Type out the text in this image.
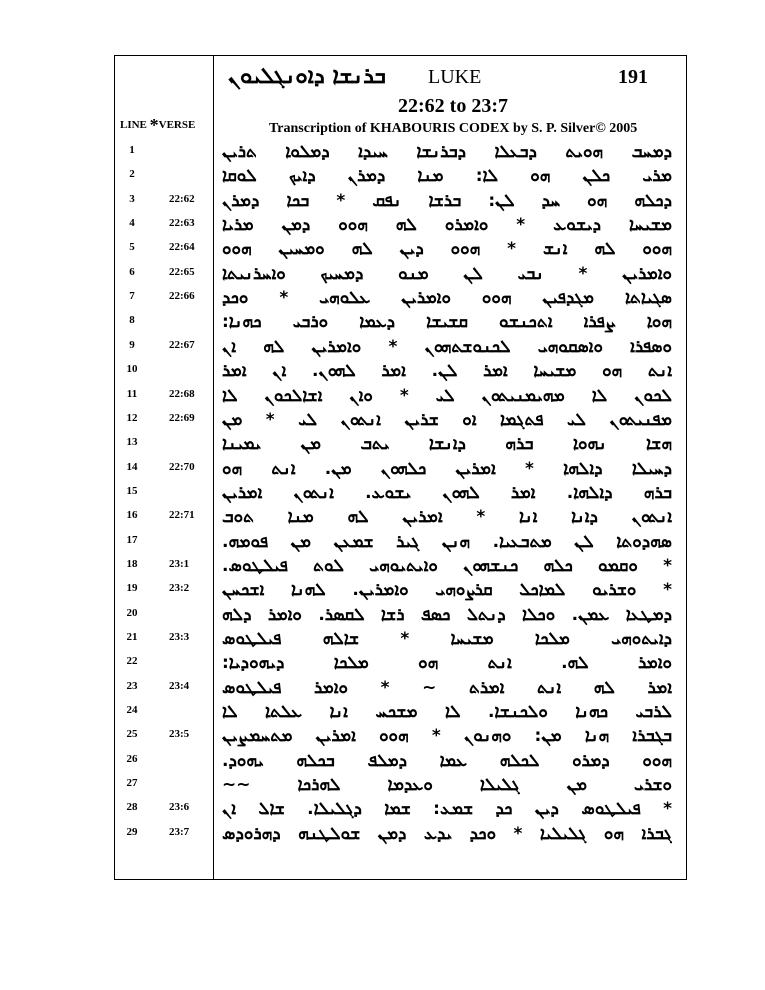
ܒܪܢܫܐ ܕܐܘܢܓܠܝܘܢ LUKE	191
22:62 to 23:7
Transcription of KHABOURIS CODEX by S. P. Silver© 2005
LINE *VERSE
1	ܕܡܚܒ ܗܘܝܬ ܕܒܥܠܐ ܕܒܪܢܫܐ ܚܝܕܐ ܕܡܠܘܐ ܬܪܝܢ
2	ܡܪܝ ܟܠܢ ܗܘ ܠܐ: ܡܢܐ ܕܡܪܢ ܕܐܝܟ ܠܘܩܐ
3	22:62 ܕܟܠܗ ܗܘ ܚܕ ܠܢ: ܒܪܫܐ ܢܦܩ * ܒܟܐ ܕܡܪܢ
4	22:63 ܡܫܝܚܐ ܕܝܫܘܥ * ܘܐܡܪܘ ܠܗ ܗܘܘ ܕܡܢ ܡܪܝܐ
5	22:64 ܗܘܘ ܠܗ ܐܢܫ * ܗܘܘ ܕܝܢ ܠܗ ܘܡܚܝܢ ܗܘܘ
6	22:65 ܘܐܡܪܝܢ * ܢܒܝ ܠܢ ܡܢܘ ܕܡܚܝܟ ܘܐܚܪܢܝܬܐ
7	22:66 ܣܓܝܐܬܐ ܡܓܕܦܝܢ ܗܘܘ ܘܐܡܪܝܢ ܥܠܘܗܝ * ܘܟܕ
8	ܗܘܐ ܨܦܪܐ ܐܬܟܢܫܘ ܩܫܝܫܐ ܕܥܡܐ ܘܪܒܝ ܟܗܢܐ:
9	22:67 ܘܣܦܪܐ ܘܐܣܩܘܗܝ ܠܟܢܘܫܬܗܘܢ * ܘܐܡܪܝܢ ܠܗ ܐܢ
10	ܐܢܬ ܗܘ ܡܫܝܚܐ ܐܡܪ ܠܢ. ܐܡܪ ܠܗܘܢ. ܐܢ ܐܡܪ
11	22:68 ܠܟܘܢ ܠܐ ܡܗܝܡܢܝܬܘܢ ܠܝ * ܘܐܢ ܐܫܐܠܟܘܢ ܠܐ
12	22:69 ܡܦܢܝܬܘܢ ܠܝ ܦܬܓܡܐ ܐܘ ܫܪܝܢ ܐܢܬܘܢ ܠܝ * ܡܢ
13	ܗܫܐ ܢܗܘܐ ܒܪܗ ܕܐܢܫܐ ܝܬܒ ܡܢ ܝܡܝܢܐ
14	22:70 ܕܚܝܠܐ ܕܐܠܗܐ * ܐܡܪܝܢ ܟܠܗܘܢ ܡܢ. ܐܢܬ ܗܘ
15	ܒܪܗ ܕܐܠܗܐ. ܐܡܪ ܠܗܘܢ ܝܫܘܥ. ܐܢܬܘܢ ܐܡܪܝܢ
16	22:71 ܐܢܬܘܢ ܕܐܢܐ ܐܢܐ * ܐܡܪܝܢ ܠܗ ܡܢܐ ܬܘܒ
17	ܣܗܕܘܬܐ ܠܢ ܡܬܒܥܝܐ. ܗܢܢ ܓܝܪ ܫܡܥܢ ܡܢ ܦܘܡܗ.
18	23:1	* ܘܩܡܘ ܟܠܗ ܟܢܫܗܘܢ ܘܐܝܬܝܘܗܝ ܠܘܬ ܦܝܠܛܘܣ.
19	23:2	* ܘܫܪܝܘ ܠܡܐܟܠ ܩܪܨܘܗܝ ܘܐܡܪܝܢ. ܠܗܢܐ ܐܫܟܚܢ
20	ܕܡܛܥܐ ܥܡܢ. ܘܟܠܐ ܕܢܬܠ ܟܣܦ ܪܫܐ ܠܩܣܪ. ܘܐܡܪ ܕܠܗ
21	23:3	ܕܐܝܬܘܗܝ ܡܠܟܐ ܡܫܝܚܐ * ܫܐܠܗ ܦܝܠܛܘܣ
22	ܘܐܡܪ ܠܗ. ܐܢܬ ܗܘ ܡܠܟܐ ܕܝܗܘܕܝܐ:
23	23:4	ܐܡܪ ܠܗ ܐܢܬ ܐܡܪܬ ~ * ܘܐܡܪ ܦܝܠܛܘܣ
24	ܠܪܒܝ ܟܗܢܐ ܘܠܟܢܫܐ. ܠܐ ܡܫܟܚ ܐܢܐ ܥܠܬܐ ܠܐ
25	23:5	ܒܓܒܪܐ ܗܢܐ ܡܢ: ܘܗܢܘܢ * ܗܘܘ ܐܡܪܝܢ ܡܬܚܡܨܝܢ
26	ܗܘܘ ܕܡܪܘ ܠܟܠܗ ܥܡܐ ܕܡܠܦ ܒܟܠܗ ܝܗܘܕ.
27	ܘܫܪܝ ܡܢ ܓܠܝܠܐ ܘܥܕܡܐ ܠܗܪܟܐ ~~
28	23:6	* ܦܝܠܛܘܣ ܕܝܢ ܟܕ ܫܡܥ: ܫܡܐ ܕܓܠܝܠܐ. ܫܐܠ ܐܢ
29	23:7	ܓܒܪܐ ܗܘ ܓܠܝܠܝܐ * ܘܟܕ ܝܕܥ ܕܡܢ ܫܘܠܛܢܗ ܕܗܪܘܕܣ
